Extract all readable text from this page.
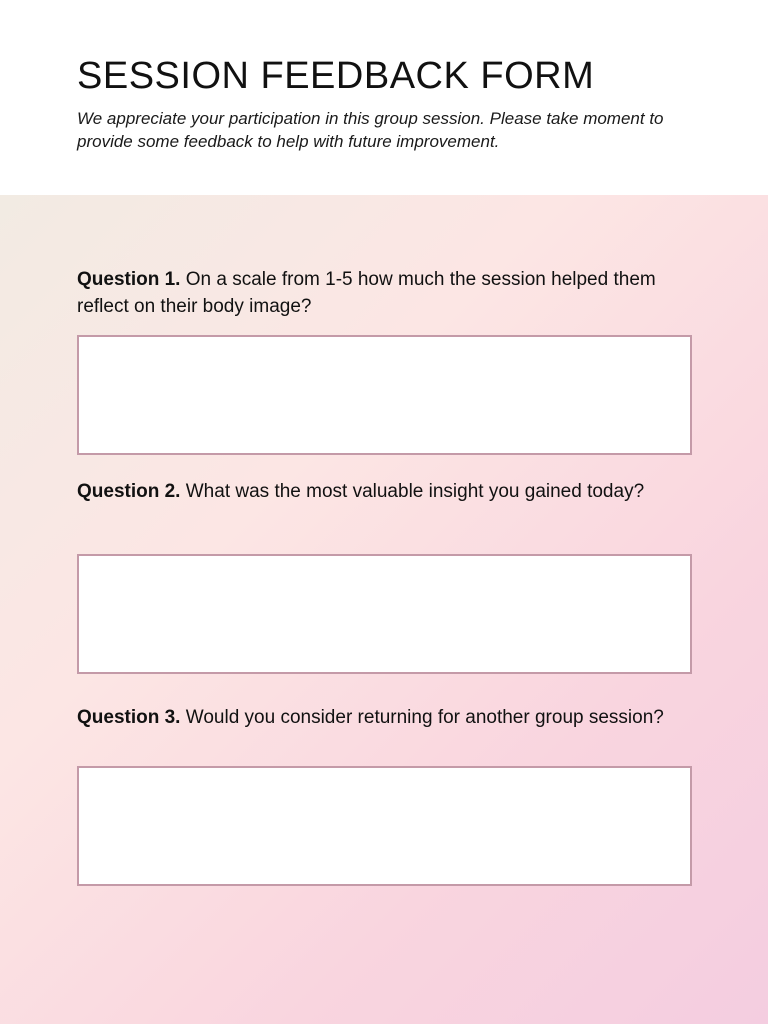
SESSION FEEDBACK FORM

We appreciate your participation in this group session. Please take moment to provide some feedback to help with future improvement.

Question 1. On a scale from 1-5 how much the session helped them reflect on their body image?

Question 2. What was the most valuable insight you gained today?

Question 3. Would you consider returning for another group session?
